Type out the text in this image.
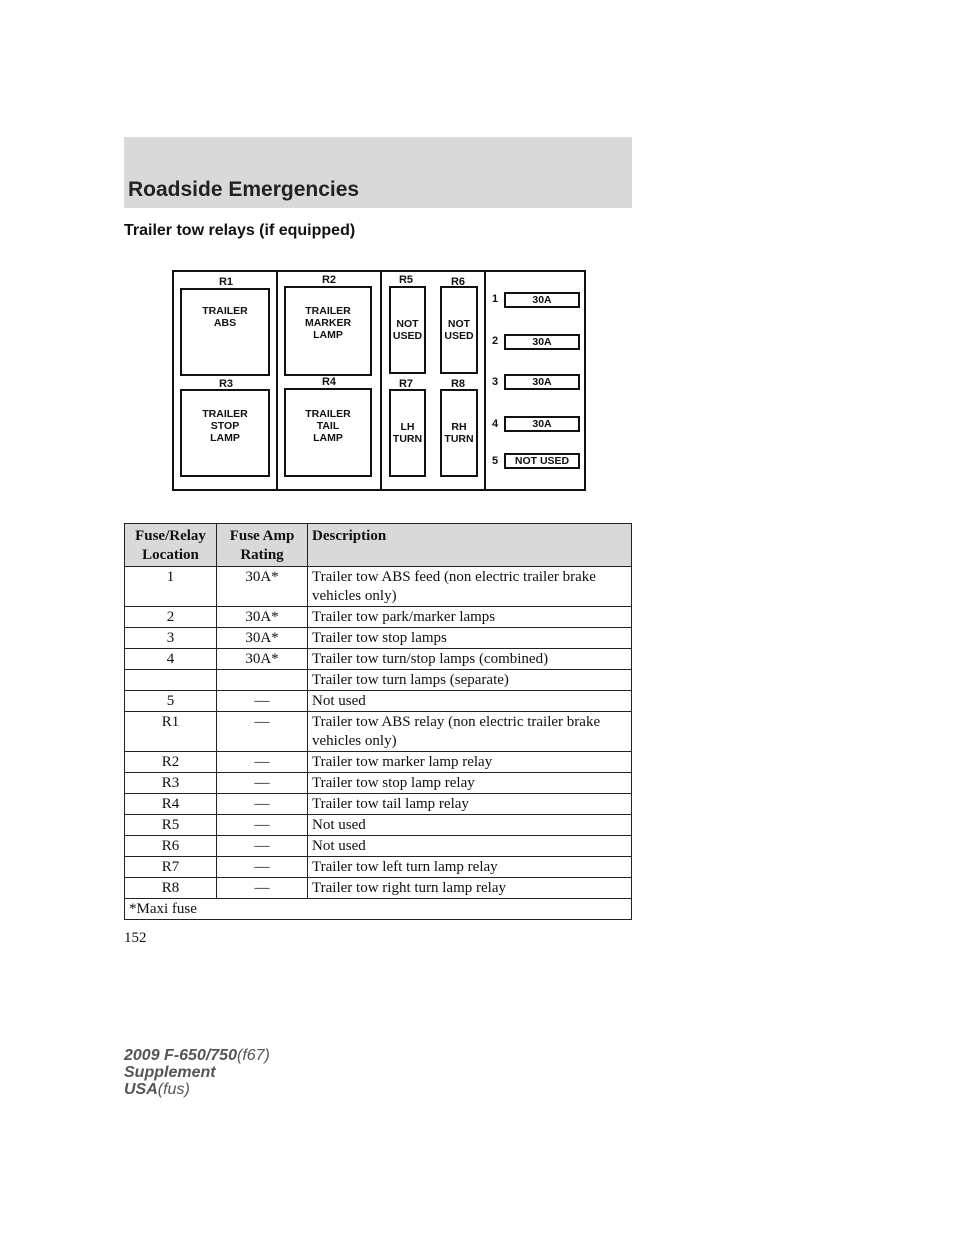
Roadside Emergencies
Trailer tow relays (if equipped)
R1
TRAILER
ABS
R3
TRAILER
STOP
LAMP
R2
TRAILER
MARKER
LAMP
R4
TRAILER
TAIL
LAMP
R5
NOT
USED
R6
NOT
USED
R7
LH
TURN
R8
RH
TURN
1	30A
2	30A
3	30A
4	30A
5	NOT USED
Fuse/Relay Location	Fuse Amp Rating	Description
1	30A*	Trailer tow ABS feed (non electric trailer brake vehicles only)
2	30A*	Trailer tow park/marker lamps
3	30A*	Trailer tow stop lamps
4	30A*	Trailer tow turn/stop lamps (combined)
		Trailer tow turn lamps (separate)
5	—	Not used
R1	—	Trailer tow ABS relay (non electric trailer brake vehicles only)
R2	—	Trailer tow marker lamp relay
R3	—	Trailer tow stop lamp relay
R4	—	Trailer tow tail lamp relay
R5	—	Not used
R6	—	Not used
R7	—	Trailer tow left turn lamp relay
R8	—	Trailer tow right turn lamp relay
*Maxi fuse		
152
2009 F-650/750(f67)
Supplement
USA(fus)
